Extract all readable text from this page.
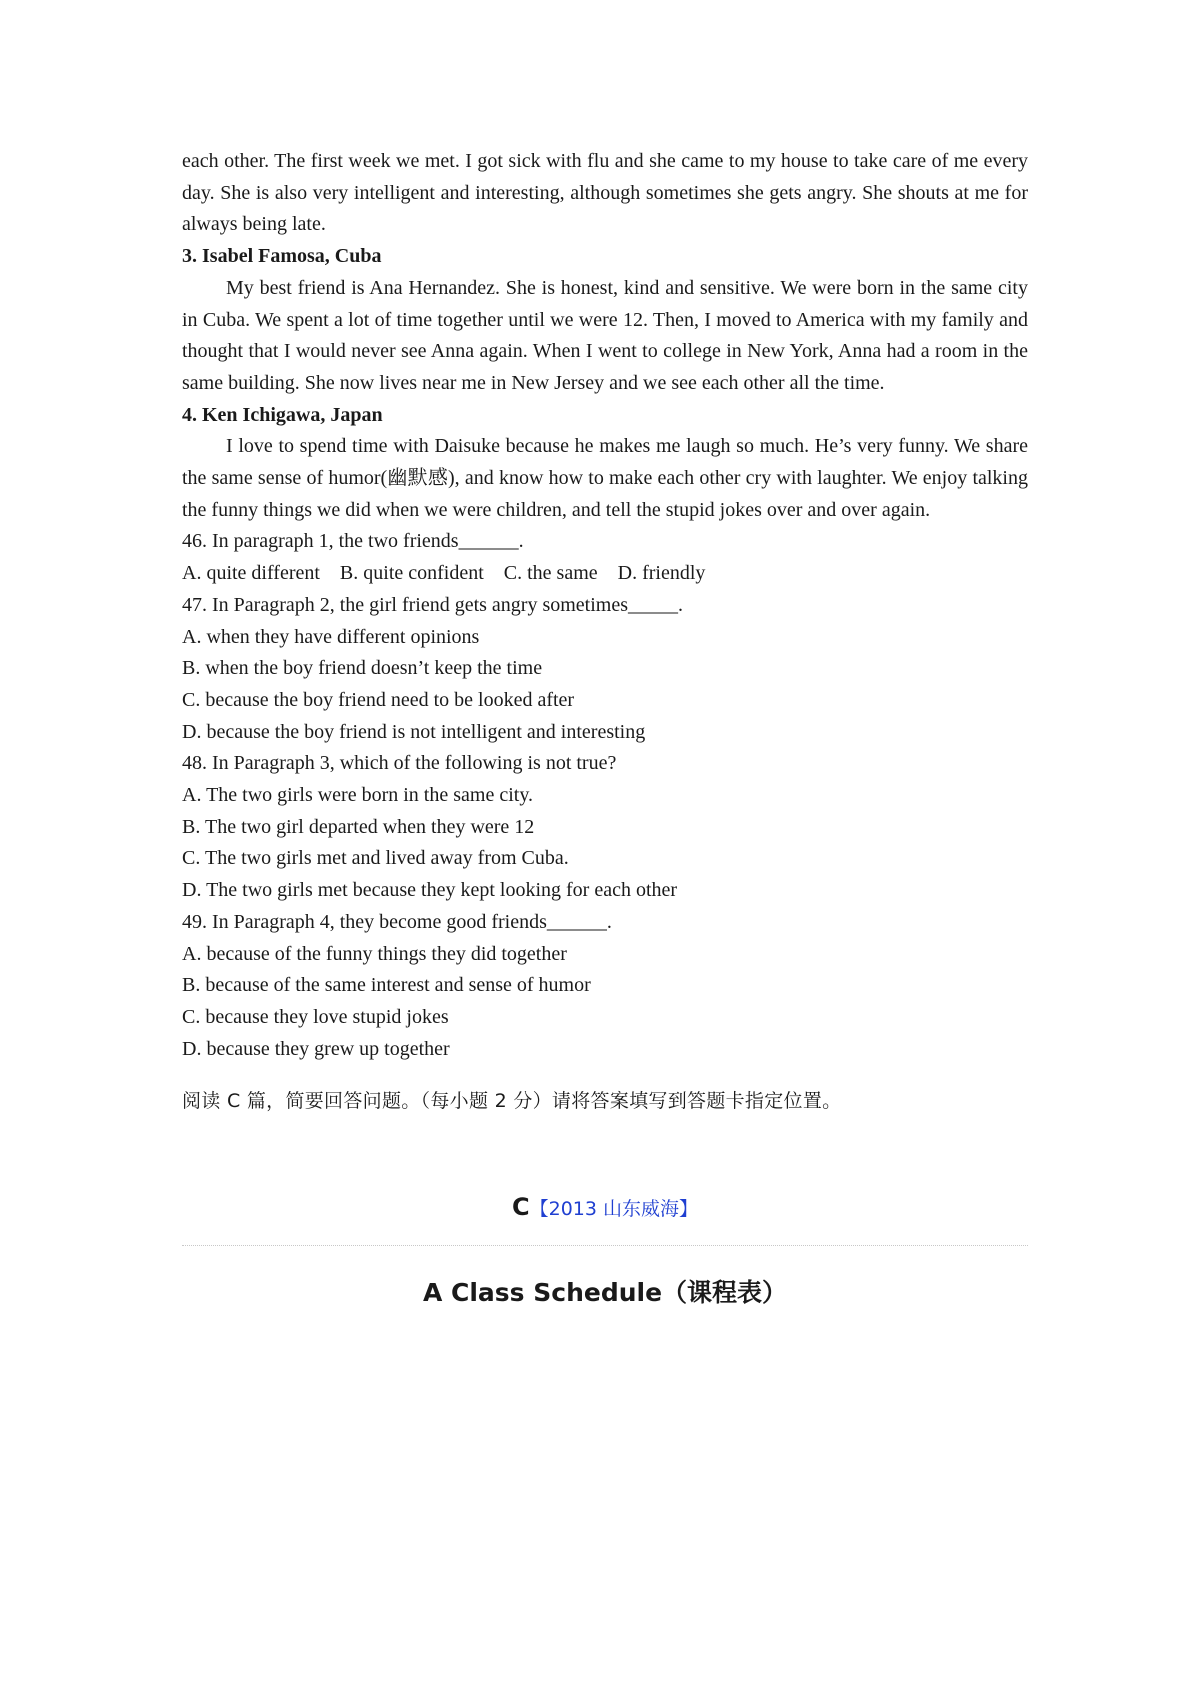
each other. The first week we met. I got sick with flu and she came to my house to take care of me every day. She is also very intelligent and interesting, although sometimes she gets angry. She shouts at me for always being late.

3. Isabel Famosa, Cuba

My best friend is Ana Hernandez. She is honest, kind and sensitive. We were born in the same city in Cuba. We spent a lot of time together until we were 12. Then, I moved to America with my family and thought that I would never see Anna again. When I went to college in New York, Anna had a room in the same building. She now lives near me in New Jersey and we see each other all the time.

4. Ken Ichigawa, Japan

I love to spend time with Daisuke because he makes me laugh so much. He’s very funny. We share the same sense of humor(幽默感), and know how to make each other cry with laughter. We enjoy talking the funny things we did when we were children, and tell the stupid jokes over and over again.

46. In paragraph 1, the two friends______.

A. quite different    B. quite confident    C. the same    D. friendly

47. In Paragraph 2, the girl friend gets angry sometimes_____.

A. when they have different opinions

B. when the boy friend doesn’t keep the time

C. because the boy friend need to be looked after

D. because the boy friend is not intelligent and interesting

48. In Paragraph 3, which of the following is not true?

A. The two girls were born in the same city.

B. The two girl departed when they were 12

C. The two girls met and lived away from Cuba.

D. The two girls met because they kept looking for each other

49. In Paragraph 4, they become good friends______.

A. because of the funny things they did together

B. because of the same interest and sense of humor

C. because they love stupid jokes

D. because they grew up together

阅读 C 篇，简要回答问题。（每小题 2 分）请将答案填写到答题卡指定位置。

C【2013 山东威海】
A Class Schedule（课程表）
